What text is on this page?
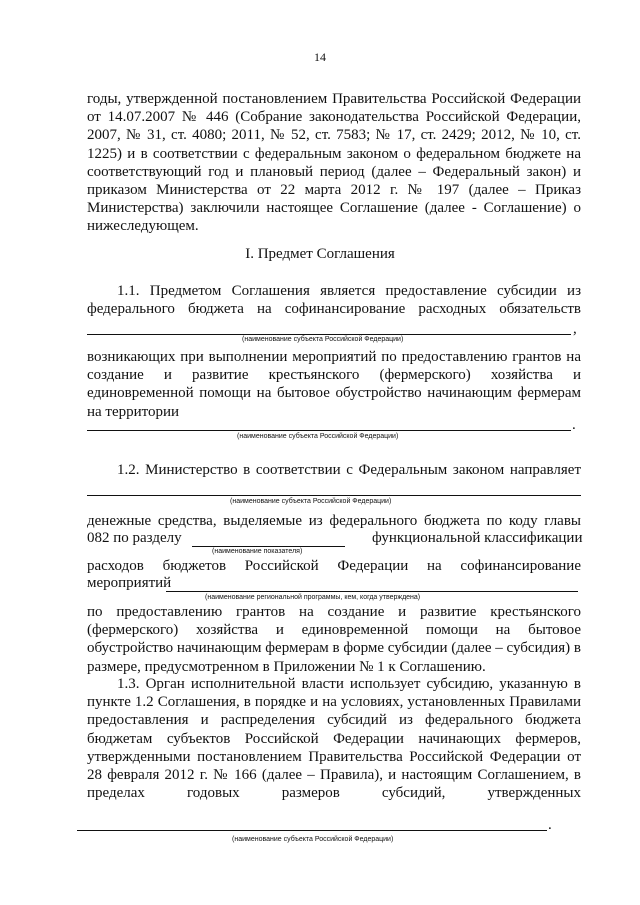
14
годы, утвержденной постановлением Правительства Российской Федерации
от 14.07.2007 № 446 (Собрание законодательства Российской Федерации,
2007, № 31, ст. 4080; 2011, № 52, ст. 7583; № 17, ст. 2429; 2012, № 10, ст.
1225) и в соответствии с федеральным законом о федеральном бюджете на
соответствующий год и плановый период (далее – Федеральный закон) и
приказом Министерства от 22 марта 2012 г. № 197 (далее – Приказ
Министерства) заключили настоящее Соглашение (далее - Соглашение) о
нижеследующем.
I. Предмет Соглашения
1.1. Предметом Соглашения является предоставление субсидии из
федерального бюджета на софинансирование расходных обязательств
,
(наименование субъекта Российской Федерации)
возникающих при выполнении мероприятий по предоставлению грантов на
создание и развитие крестьянского (фермерского) хозяйства и
единовременной помощи на бытовое обустройство начинающим фермерам
на территории
.
(наименование субъекта Российской Федерации)
1.2. Министерство в соответствии с Федеральным законом направляет
(наименование субъекта Российской Федерации)
денежные средства, выделяемые из федерального бюджета по коду главы
082 по разделу	функциональной классификации
(наименование показателя)
расходов бюджетов Российской Федерации на софинансирование
мероприятий
(наименование региональной программы, кем, когда утверждена)
по предоставлению грантов на создание и развитие крестьянского
(фермерского) хозяйства и единовременной помощи на бытовое
обустройство начинающим фермерам в форме субсидии (далее – субсидия) в
размере, предусмотренном в Приложении № 1 к Соглашению.
1.3. Орган исполнительной власти использует субсидию, указанную в
пункте 1.2 Соглашения, в порядке и на условиях, установленных Правилами
предоставления и распределения субсидий из федерального бюджета
бюджетам субъектов Российской Федерации начинающих фермеров,
утвержденными постановлением Правительства Российской Федерации от
28 февраля 2012 г. № 166 (далее – Правила), и настоящим Соглашением, в
пределах годовых размеров субсидий, утвержденных
.
(наименование субъекта Российской Федерации)
